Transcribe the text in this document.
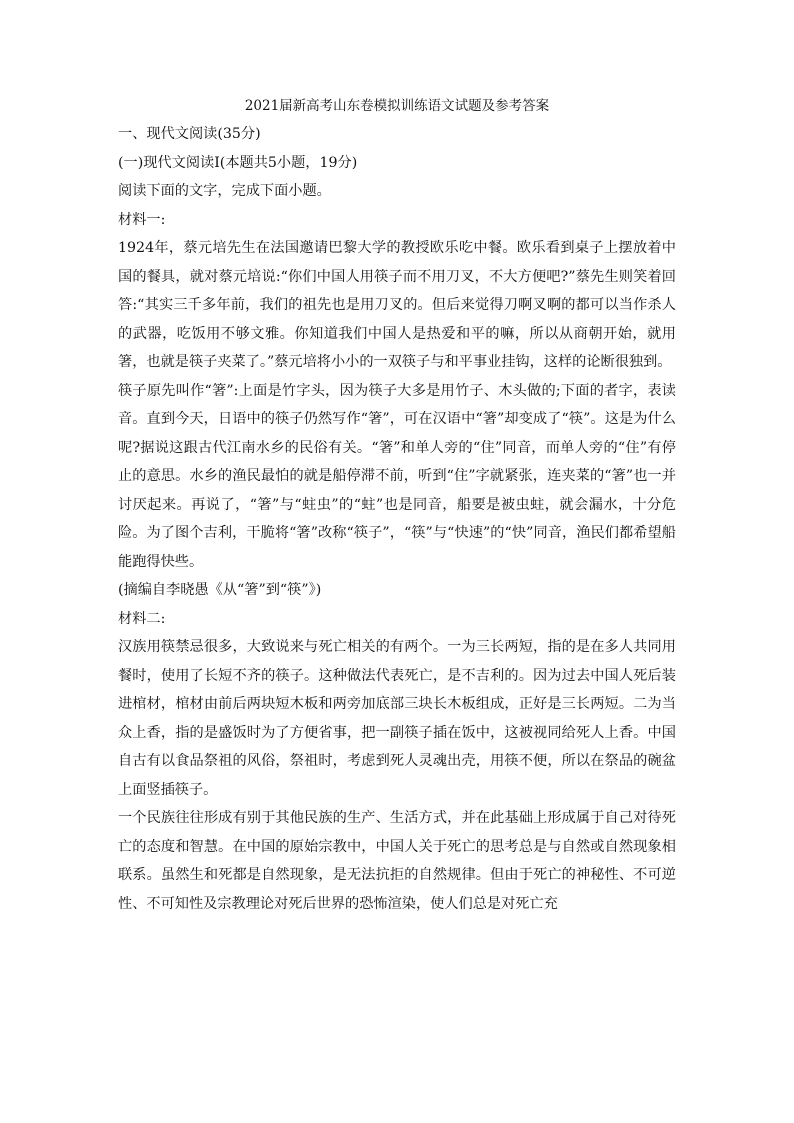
2021届新高考山东卷模拟训练语文试题及参考答案
一、现代文阅读(35分)
(一)现代文阅读Ⅰ(本题共5小题，19分)
阅读下面的文字，完成下面小题。
材料一:
1924年，蔡元培先生在法国邀请巴黎大学的教授欧乐吃中餐。欧乐看到桌子上摆放着中国的餐具，就对蔡元培说:“你们中国人用筷子而不用刀叉，不大方便吧?”蔡先生则笑着回答:“其实三千多年前，我们的祖先也是用刀叉的。但后来觉得刀啊叉啊的都可以当作杀人的武器，吃饭用不够文雅。你知道我们中国人是热爱和平的嘛，所以从商朝开始，就用箸，也就是筷子夹菜了。”蔡元培将小小的一双筷子与和平事业挂钩，这样的论断很独到。
筷子原先叫作“箸”:上面是竹字头，因为筷子大多是用竹子、木头做的;下面的者字，表读音。直到今天，日语中的筷子仍然写作“箸”，可在汉语中“箸”却变成了“筷”。这是为什么呢?据说这跟古代江南水乡的民俗有关。“箸”和单人旁的“住”同音，而单人旁的“住”有停止的意思。水乡的渔民最怕的就是船停滞不前，听到“住”字就紧张，连夹菜的“箸”也一并讨厌起来。再说了，“箸”与“蛀虫”的“蛀”也是同音，船要是被虫蛀，就会漏水，十分危险。为了图个吉利，干脆将“箸”改称“筷子”，“筷”与“快速”的“快”同音，渔民们都希望船能跑得快些。
(摘编自李晓愚《从“箸”到“筷”》)
材料二:
汉族用筷禁忌很多，大致说来与死亡相关的有两个。一为三长两短，指的是在多人共同用餐时，使用了长短不齐的筷子。这种做法代表死亡，是不吉利的。因为过去中国人死后装进棺材，棺材由前后两块短木板和两旁加底部三块长木板组成，正好是三长两短。二为当众上香，指的是盛饭时为了方便省事，把一副筷子插在饭中，这被视同给死人上香。中国自古有以食品祭祖的风俗，祭祖时，考虑到死人灵魂出壳，用筷不便，所以在祭品的碗盆上面竖插筷子。
一个民族往往形成有别于其他民族的生产、生活方式，并在此基础上形成属于自己对待死亡的态度和智慧。在中国的原始宗教中，中国人关于死亡的思考总是与自然或自然现象相联系。虽然生和死都是自然现象，是无法抗拒的自然规律。但由于死亡的神秘性、不可逆性、不可知性及宗教理论对死后世界的恐怖渲染，使人们总是对死亡充
